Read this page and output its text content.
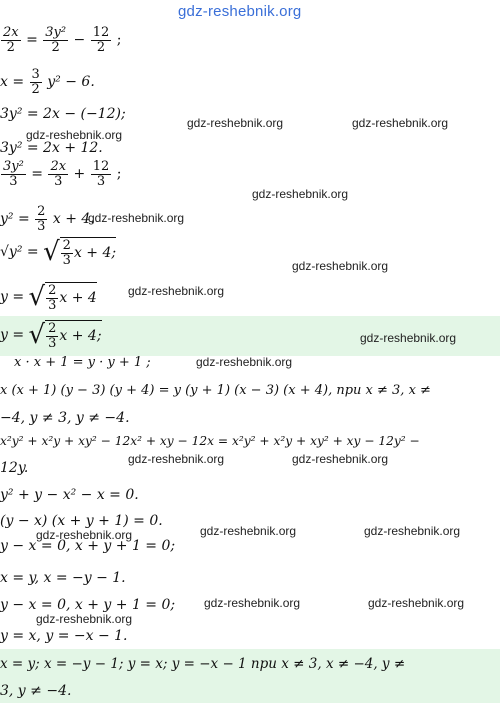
gdz-reshebnik.org
gdz-reshebnik.org
gdz-reshebnik.org	gdz-reshebnik.org
gdz-reshebnik.org
gdz-reshebnik.org
gdz-reshebnik.org
gdz-reshebnik.org
gdz-reshebnik.org
gdz-reshebnik.org
gdz-reshebnik.org	gdz-reshebnik.org
gdz-reshebnik.org	gdz-reshebnik.org
gdz-reshebnik.org
gdz-reshebnik.org	gdz-reshebnik.org
gdz-reshebnik.org
$\frac{2x}{2} = \frac{\text{3y²}}{2} - \frac{12}{2}$ ;
$x = \frac{3}{2} y^2 - 6$.
3y² = 2x − (−12);
3y² = 2x + 12.
$\frac{\text{3y²}}{3} = \frac{2x}{3} + \frac{12}{3}$ ;
$y^2 = \frac{2}{3}$ x + 4.
√y² = √ $\frac{2}{3}$ x + 4;
y = √ $\frac{2}{3}$ x + 4
y = √ $\frac{2}{3}$ x + 4;
x · x + 1 = y · y + 1 ;
x (x + 1) (y − 3) (y + 4) = y (y + 1) (x − 3) (x + 4), при x ≠ 3, x ≠
−4, y ≠ 3, y ≠ −4.
x²y² + x²y + xy² − 12x² + xy − 12x = x²y² + x²y + xy² + xy − 12y² −
12y.
y² + y − x² − x = 0.
(y − x) (x + y + 1) = 0.
y − x = 0, x + y + 1 = 0;
x = y, x = −y − 1.
y − x = 0, x + y + 1 = 0;
y = x, y = −x − 1.
x = y; x = −y − 1; y = x; y = −x − 1 при x ≠ 3, x ≠ −4, y ≠
3, y ≠ −4.
